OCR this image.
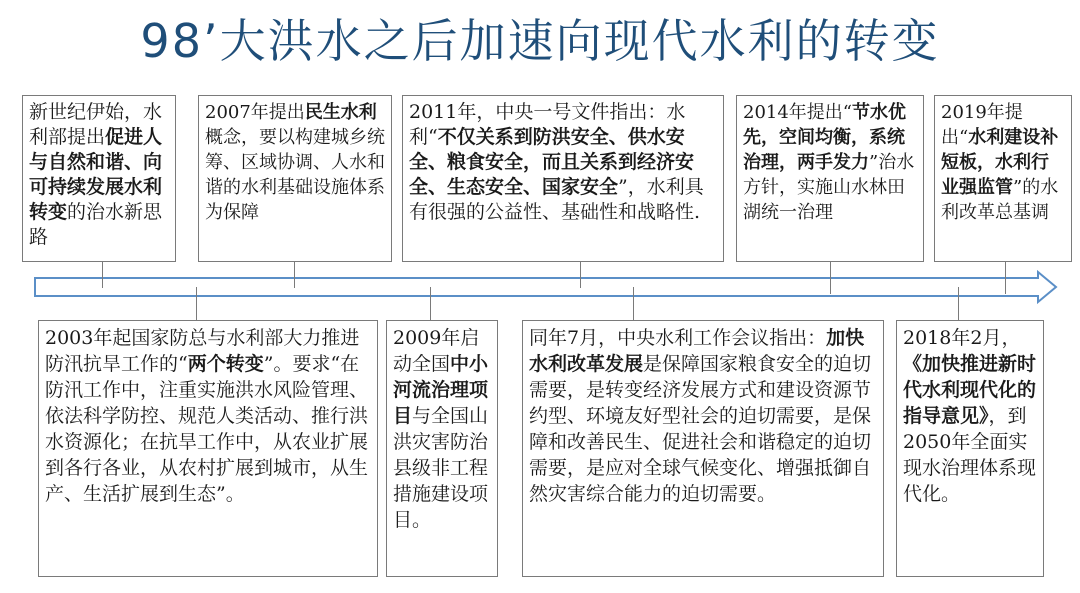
98’大洪水之后加速向现代水利的转变
新世纪伊始，水利部提出促进人与自然和谐、向可持续发展水利转变的治水新思路
2007年提出民生水利概念，要以构建城乡统筹、区域协调、人水和谐的水利基础设施体系为保障
2011年，中央一号文件指出：水利“不仅关系到防洪安全、供水安全、粮食安全，而且关系到经济安全、生态安全、国家安全”，水利具有很强的公益性、基础性和战略性.
2014年提出“节水优先，空间均衡，系统治理，两手发力”治水方针，实施山水林田湖统一治理
2019年提出“水利建设补短板，水利行业强监管”的水利改革总基调
2003年起国家防总与水利部大力推进防汛抗旱工作的“两个转变”。要求“在防汛工作中，注重实施洪水风险管理、依法科学防控、规范人类活动、推行洪水资源化；在抗旱工作中，从农业扩展到各行各业，从农村扩展到城市，从生产、生活扩展到生态”。
2009年启动全国中小河流治理项目与全国山洪灾害防治县级非工程措施建设项目。
同年7月，中央水利工作会议指出：加快水利改革发展是保障国家粮食安全的迫切需要，是转变经济发展方式和建设资源节约型、环境友好型社会的迫切需要，是保障和改善民生、促进社会和谐稳定的迫切需要，是应对全球气候变化、增强抵御自然灾害综合能力的迫切需要。
2018年2月，《加快推进新时代水利现代化的指导意见》，到2050年全面实现水治理体系现代化。
